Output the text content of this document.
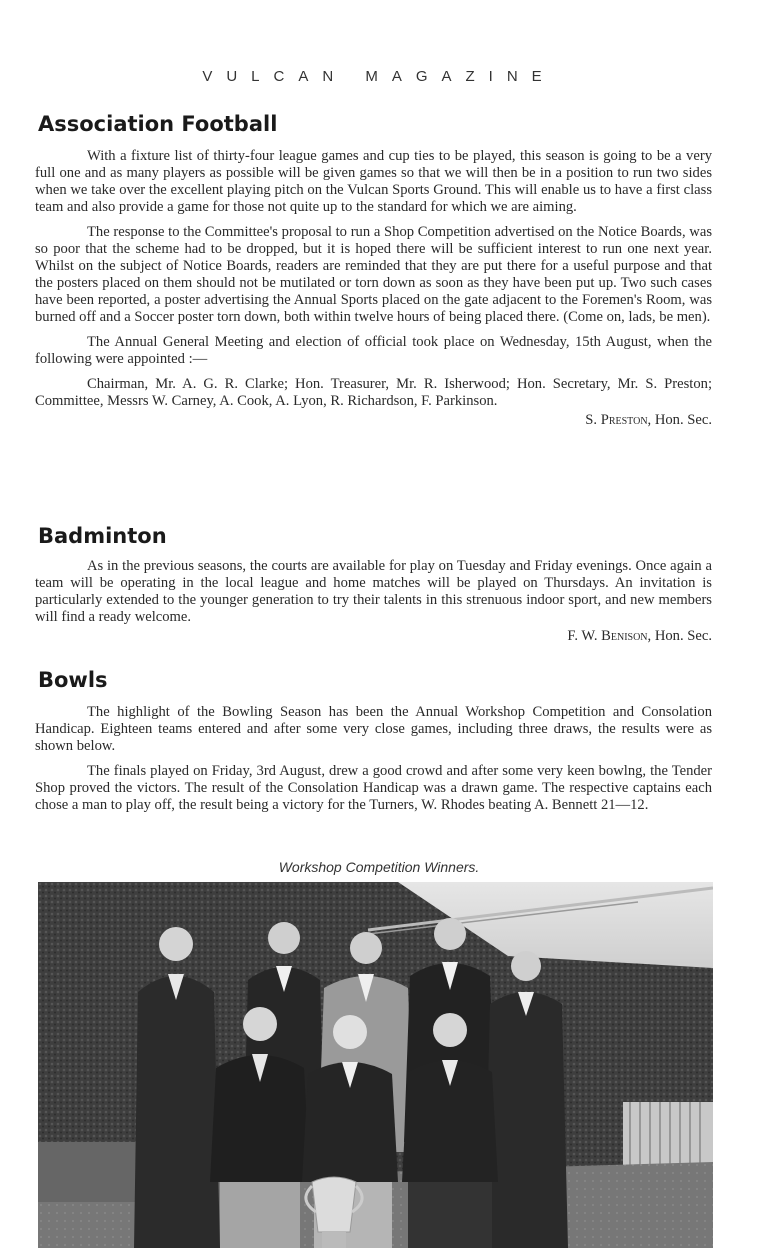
VULCAN MAGAZINE
Association Football

With a fixture list of thirty-four league games and cup ties to be played, this season is going to be a very full one and as many players as possible will be given games so that we will then be in a position to run two sides when we take over the excellent playing pitch on the Vulcan Sports Ground. This will enable us to have a first class team and also provide a game for those not quite up to the standard for which we are aiming.

The response to the Committee's proposal to run a Shop Competition advertised on the Notice Boards, was so poor that the scheme had to be dropped, but it is hoped there will be sufficient interest to run one next year. Whilst on the subject of Notice Boards, readers are reminded that they are put there for a useful purpose and that the posters placed on them should not be mutilated or torn down as soon as they have been put up. Two such cases have been reported, a poster advertising the Annual Sports placed on the gate adjacent to the Foremen's Room, was burned off and a Soccer poster torn down, both within twelve hours of being placed there. (Come on, lads, be men).

The Annual General Meeting and election of official took place on Wednesday, 15th August, when the following were appointed :—

Chairman, Mr. A. G. R. Clarke; Hon. Treasurer, Mr. R. Isherwood; Hon. Secretary, Mr. S. Preston; Committee, Messrs W. Carney, A. Cook, A. Lyon, R. Richardson, F. Parkinson.

S. Preston, Hon. Sec.
Badminton

As in the previous seasons, the courts are available for play on Tuesday and Friday evenings. Once again a team will be operating in the local league and home matches will be played on Thursdays. An invitation is particularly extended to the younger generation to try their talents in this strenuous indoor sport, and new members will find a ready welcome.

F. W. Benison, Hon. Sec.
Bowls

The highlight of the Bowling Season has been the Annual Workshop Competition and Consolation Handicap. Eighteen teams entered and after some very close games, including three draws, the results were as shown below.

The finals played on Friday, 3rd August, drew a good crowd and after some very keen bowlng, the Tender Shop proved the victors. The result of the Consolation Handicap was a drawn game. The respective captains each chose a man to play off, the result being a victory for the Turners, W. Rhodes beating A. Bennett 21—12.

Workshop Competition Winners.
